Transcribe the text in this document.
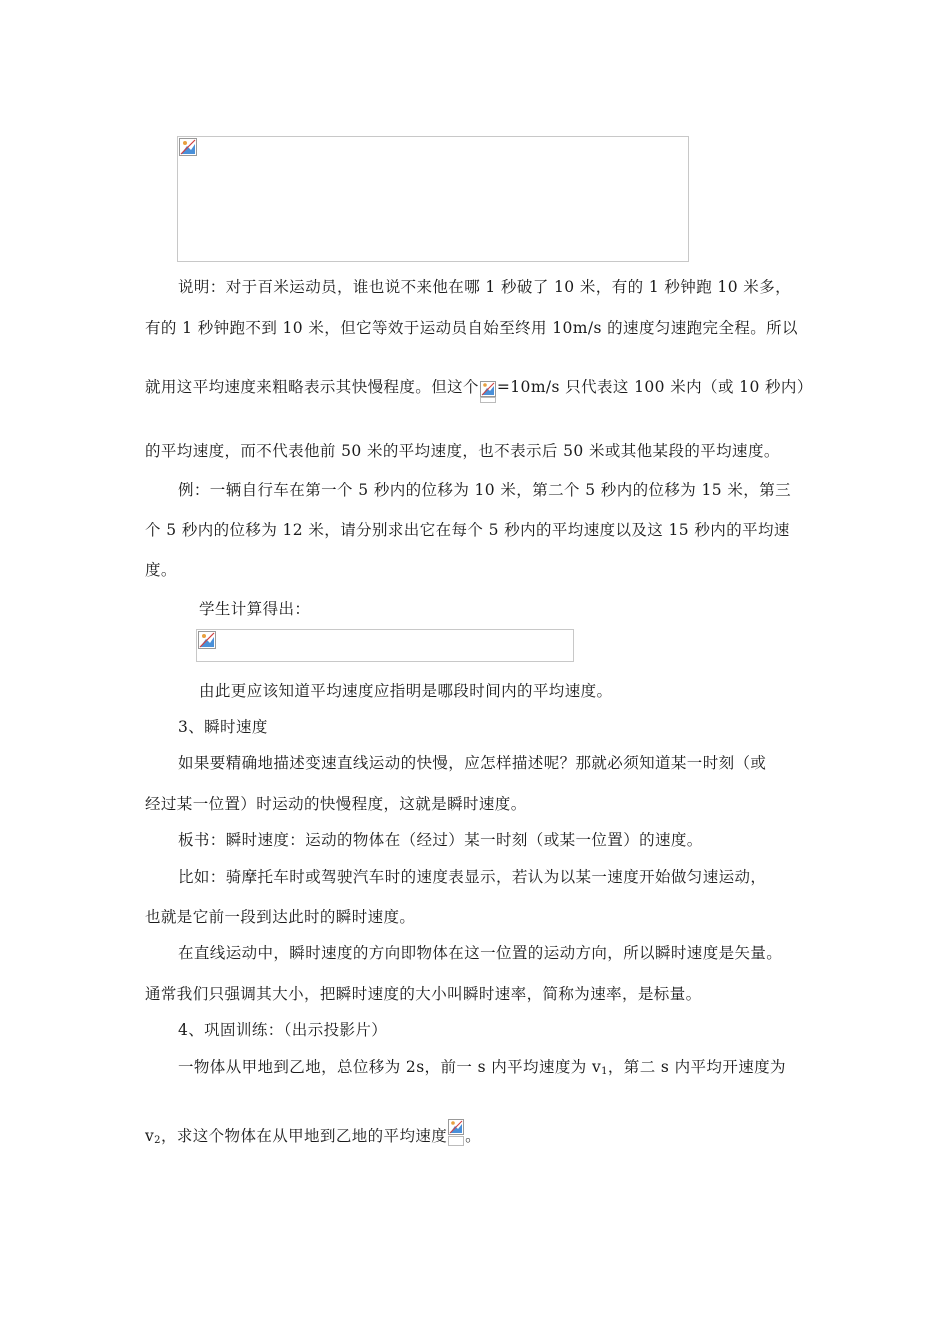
说明：对于百米运动员，谁也说不来他在哪 1 秒破了 10 米，有的 1 秒钟跑 10 米多，
有的 1 秒钟跑不到 10 米，但它等效于运动员自始至终用 10m/s 的速度匀速跑完全程。所以
就用这平均速度来粗略表示其快慢程度。但这个 =10m/s 只代表这 100 米内（或 10 秒内）
的平均速度，而不代表他前 50 米的平均速度，也不表示后 50 米或其他某段的平均速度。
例：一辆自行车在第一个 5 秒内的位移为 10 米，第二个 5 秒内的位移为 15 米，第三
个 5 秒内的位移为 12 米，请分别求出它在每个 5 秒内的平均速度以及这 15 秒内的平均速
度。
学生计算得出：
由此更应该知道平均速度应指明是哪段时间内的平均速度。
3、瞬时速度
如果要精确地描述变速直线运动的快慢，应怎样描述呢？那就必须知道某一时刻（或
经过某一位置）时运动的快慢程度，这就是瞬时速度。
板书：瞬时速度：运动的物体在（经过）某一时刻（或某一位置）的速度。
比如：骑摩托车时或驾驶汽车时的速度表显示，若认为以某一速度开始做匀速运动，
也就是它前一段到达此时的瞬时速度。
在直线运动中，瞬时速度的方向即物体在这一位置的运动方向，所以瞬时速度是矢量。
通常我们只强调其大小，把瞬时速度的大小叫瞬时速率，简称为速率，是标量。
4、巩固训练：（出示投影片）
一物体从甲地到乙地，总位移为 2s，前一 s 内平均速度为 $v_1$，第二 s 内平均开速度为
$v_2$，求这个物体在从甲地到乙地的平均速度 。
